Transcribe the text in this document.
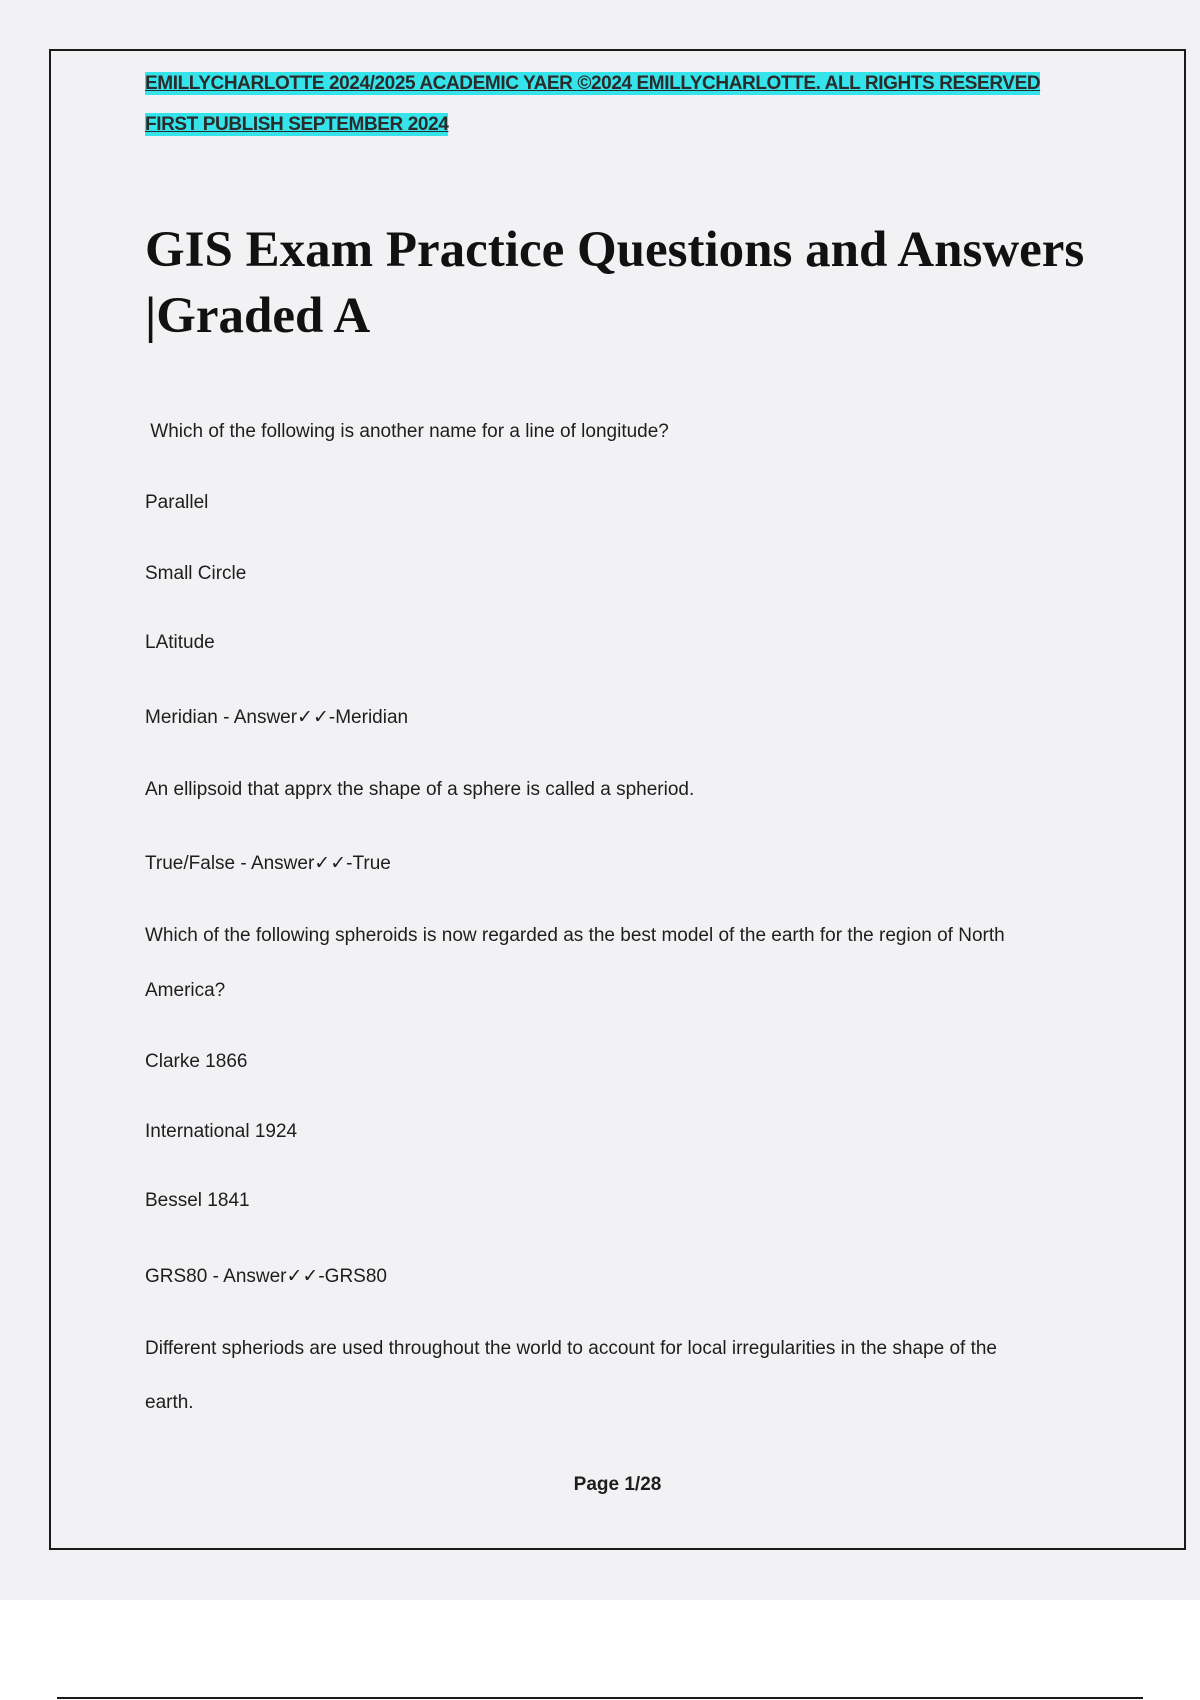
EMILLYCHARLOTTE 2024/2025 ACADEMIC YAER ©2024 EMILLYCHARLOTTE. ALL RIGHTS RESERVED
FIRST PUBLISH SEPTEMBER 2024
GIS Exam Practice Questions and Answers |Graded A
Which of the following is another name for a line of longitude?
Parallel
Small Circle
LAtitude
Meridian - Answer✓✓-Meridian
An ellipsoid that apprx the shape of a sphere is called a spheriod.
True/False - Answer✓✓-True
Which of the following spheroids is now regarded as the best model of the earth for the region of North
America?
Clarke 1866
International 1924
Bessel 1841
GRS80 - Answer✓✓-GRS80
Different spheriods are used throughout the world to account for local irregularities in the shape of the
earth.
Page 1/28
